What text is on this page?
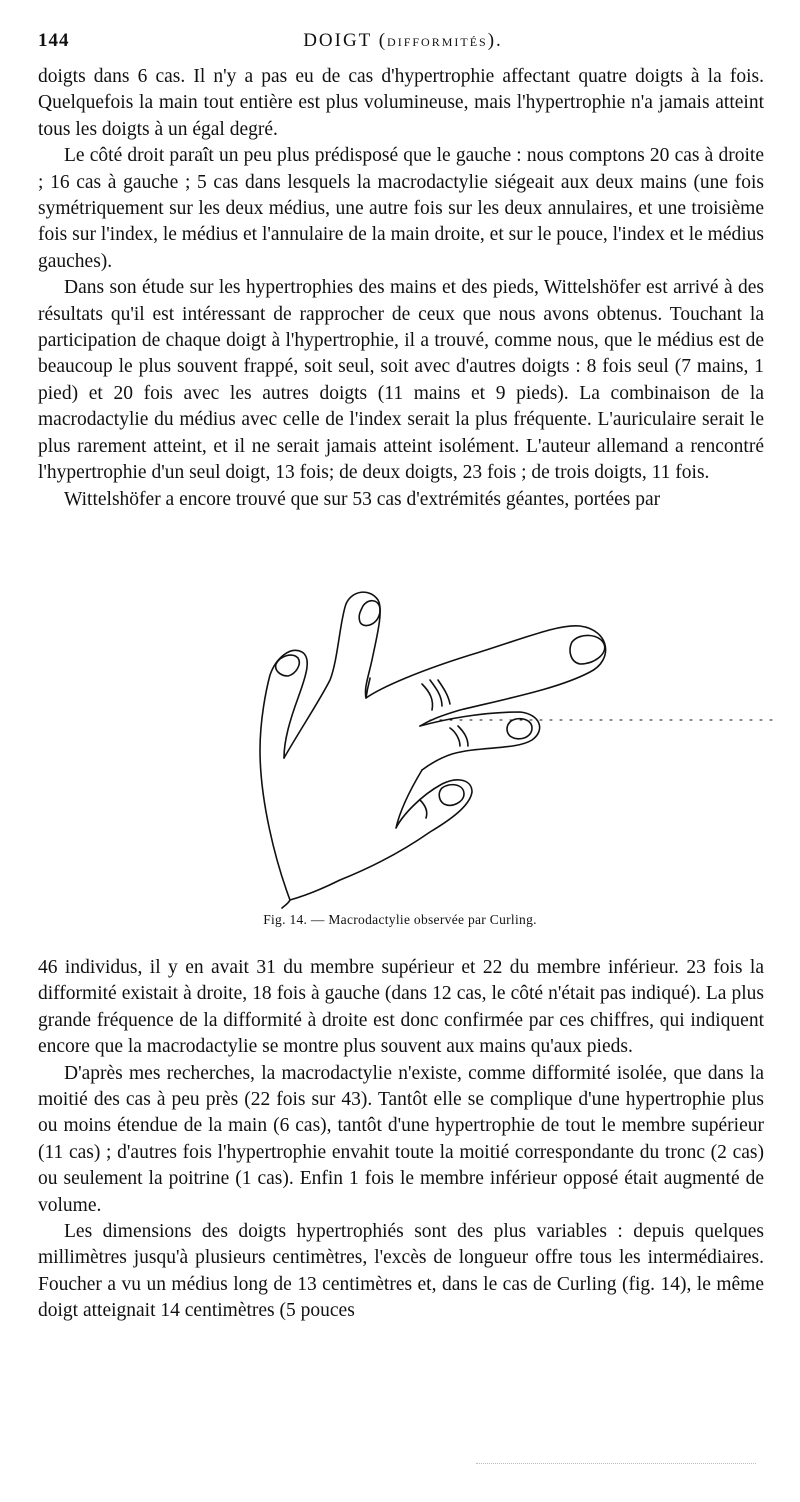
144	DOIGT (DIFFORMITÉS).

doigts dans 6 cas. Il n'y a pas eu de cas d'hypertrophie affectant quatre doigts à la fois. Quelquefois la main tout entière est plus volumineuse, mais l'hypertrophie n'a jamais atteint tous les doigts à un égal degré.

Le côté droit paraît un peu plus prédisposé que le gauche : nous comptons 20 cas à droite ; 16 cas à gauche ; 5 cas dans lesquels la macrodactylie siégeait aux deux mains (une fois symétriquement sur les deux médius, une autre fois sur les deux annulaires, et une troisième fois sur l'index, le médius et l'annulaire de la main droite, et sur le pouce, l'index et le médius gauches).

Dans son étude sur les hypertrophies des mains et des pieds, Wittelshöfer est arrivé à des résultats qu'il est intéressant de rapprocher de ceux que nous avons obtenus. Touchant la participation de chaque doigt à l'hypertrophie, il a trouvé, comme nous, que le médius est de beaucoup le plus souvent frappé, soit seul, soit avec d'autres doigts : 8 fois seul (7 mains, 1 pied) et 20 fois avec les autres doigts (11 mains et 9 pieds). La combinaison de la macrodactylie du médius avec celle de l'index serait la plus fréquente. L'auriculaire serait le plus rarement atteint, et il ne serait jamais atteint isolément. L'auteur allemand a rencontré l'hypertrophie d'un seul doigt, 13 fois; de deux doigts, 23 fois ; de trois doigts, 11 fois.

Wittelshöfer a encore trouvé que sur 53 cas d'extrémités géantes, portées par

Fig. 14. — Macrodactylie observée par Curling.

46 individus, il y en avait 31 du membre supérieur et 22 du membre inférieur. 23 fois la difformité existait à droite, 18 fois à gauche (dans 12 cas, le côté n'était pas indiqué). La plus grande fréquence de la difformité à droite est donc confirmée par ces chiffres, qui indiquent encore que la macrodactylie se montre plus souvent aux mains qu'aux pieds.

D'après mes recherches, la macrodactylie n'existe, comme difformité isolée, que dans la moitié des cas à peu près (22 fois sur 43). Tantôt elle se complique d'une hypertrophie plus ou moins étendue de la main (6 cas), tantôt d'une hypertrophie de tout le membre supérieur (11 cas) ; d'autres fois l'hypertrophie envahit toute la moitié correspondante du tronc (2 cas) ou seulement la poitrine (1 cas). Enfin 1 fois le membre inférieur opposé était augmenté de volume.

Les dimensions des doigts hypertrophiés sont des plus variables : depuis quelques millimètres jusqu'à plusieurs centimètres, l'excès de longueur offre tous les intermédiaires. Foucher a vu un médius long de 13 centimètres et, dans le cas de Curling (fig. 14), le même doigt atteignait 14 centimètres (5 pouces
